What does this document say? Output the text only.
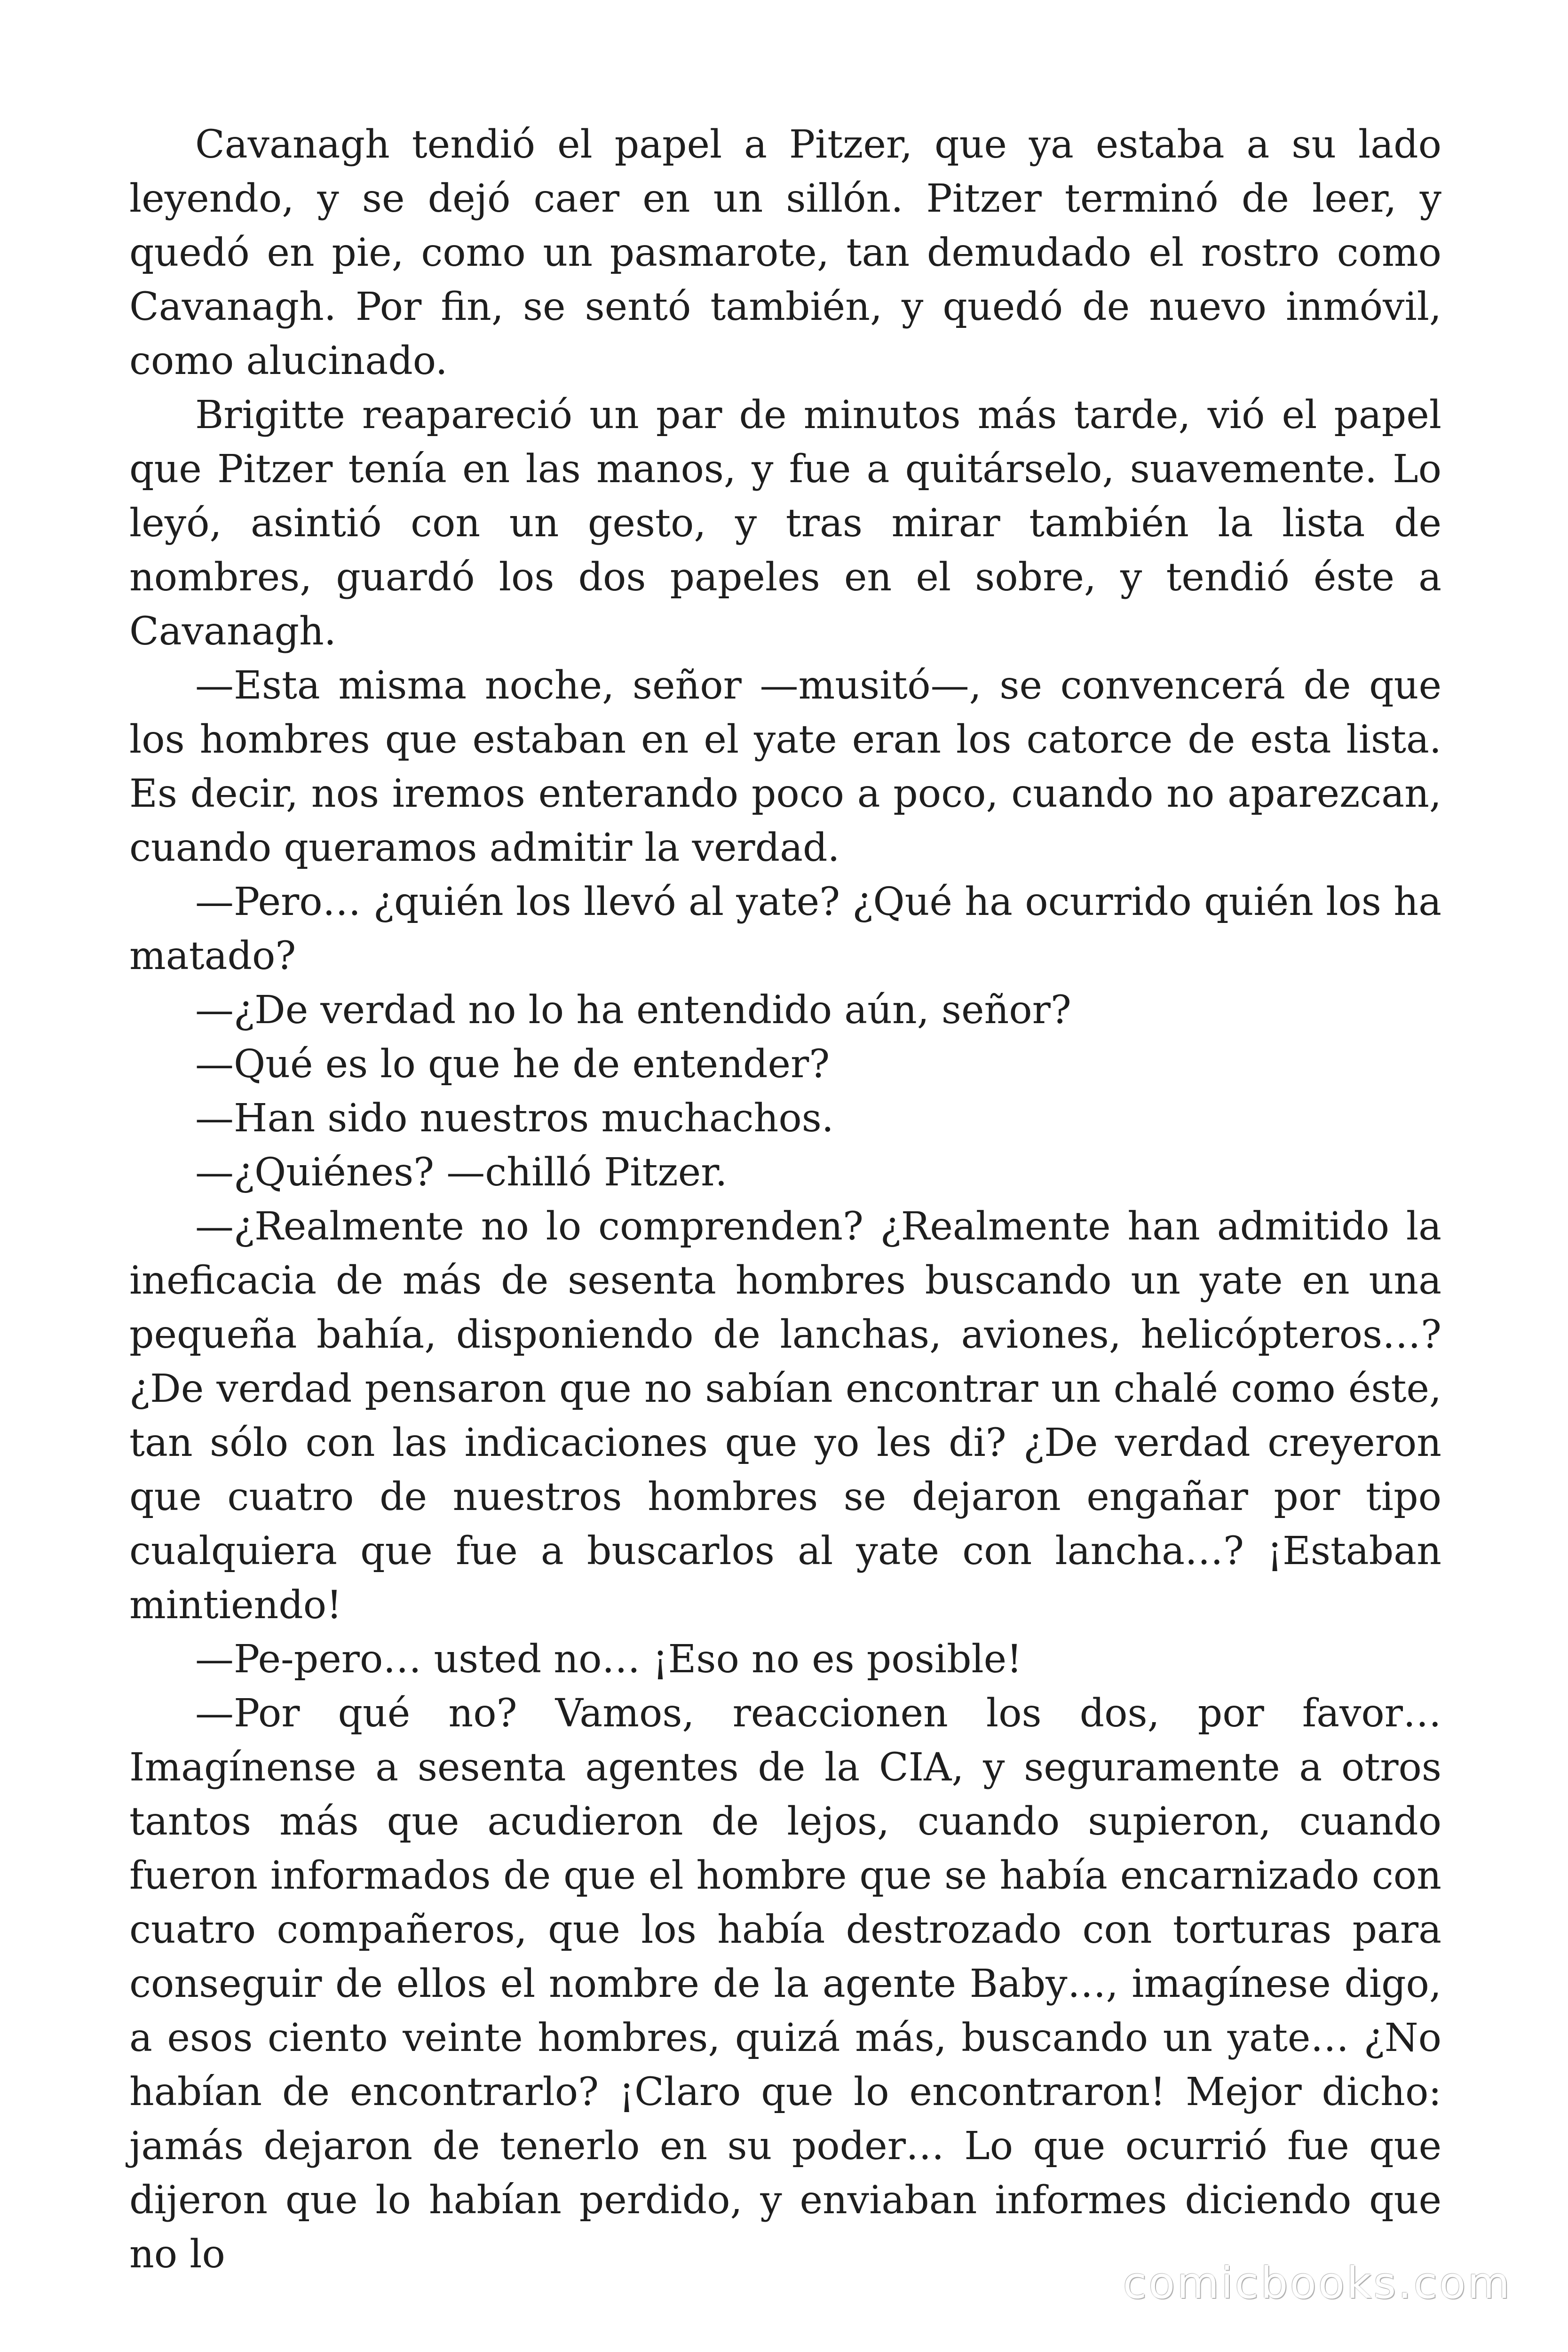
Cavanagh tendió el papel a Pitzer, que ya estaba a su lado leyendo, y se dejó caer en un sillón. Pitzer terminó de leer, y quedó en pie, como un pasmarote, tan demudado el rostro como Cavanagh. Por fin, se sentó también, y quedó de nuevo inmóvil, como alucinado.

Brigitte reapareció un par de minutos más tarde, vió el papel que Pitzer tenía en las manos, y fue a quitárselo, suavemente. Lo leyó, asintió con un gesto, y tras mirar también la lista de nombres, guardó los dos papeles en el sobre, y tendió éste a Cavanagh.

—Esta misma noche, señor —musitó—, se convencerá de que los hombres que estaban en el yate eran los catorce de esta lista. Es decir, nos iremos enterando poco a poco, cuando no aparezcan, cuando queramos admitir la verdad.

—Pero… ¿quién los llevó al yate? ¿Qué ha ocurrido quién los ha matado?

—¿De verdad no lo ha entendido aún, señor?

—Qué es lo que he de entender?

—Han sido nuestros muchachos.

—¿Quiénes? —chilló Pitzer.

—¿Realmente no lo comprenden? ¿Realmente han admitido la ineficacia de más de sesenta hombres buscando un yate en una pequeña bahía, disponiendo de lanchas, aviones, helicópteros…? ¿De verdad pensaron que no sabían encontrar un chalé como éste, tan sólo con las indicaciones que yo les di? ¿De verdad creyeron que cuatro de nuestros hombres se dejaron engañar por tipo cualquiera que fue a buscarlos al yate con lancha…? ¡Estaban mintiendo!

—Pe-pero… usted no… ¡Eso no es posible!

—Por qué no? Vamos, reaccionen los dos, por favor… Imagínense a sesenta agentes de la CIA, y seguramente a otros tantos más que acudieron de lejos, cuando supieron, cuando fueron informados de que el hombre que se había encarnizado con cuatro compañeros, que los había destrozado con torturas para conseguir de ellos el nombre de la agente Baby…, imagínese digo, a esos ciento veinte hombres, quizá más, buscando un yate… ¿No habían de encontrarlo? ¡Claro que lo encontraron! Mejor dicho: jamás dejaron de tenerlo en su poder… Lo que ocurrió fue que dijeron que lo habían perdido, y enviaban informes diciendo que no lo

comicbooks.com
